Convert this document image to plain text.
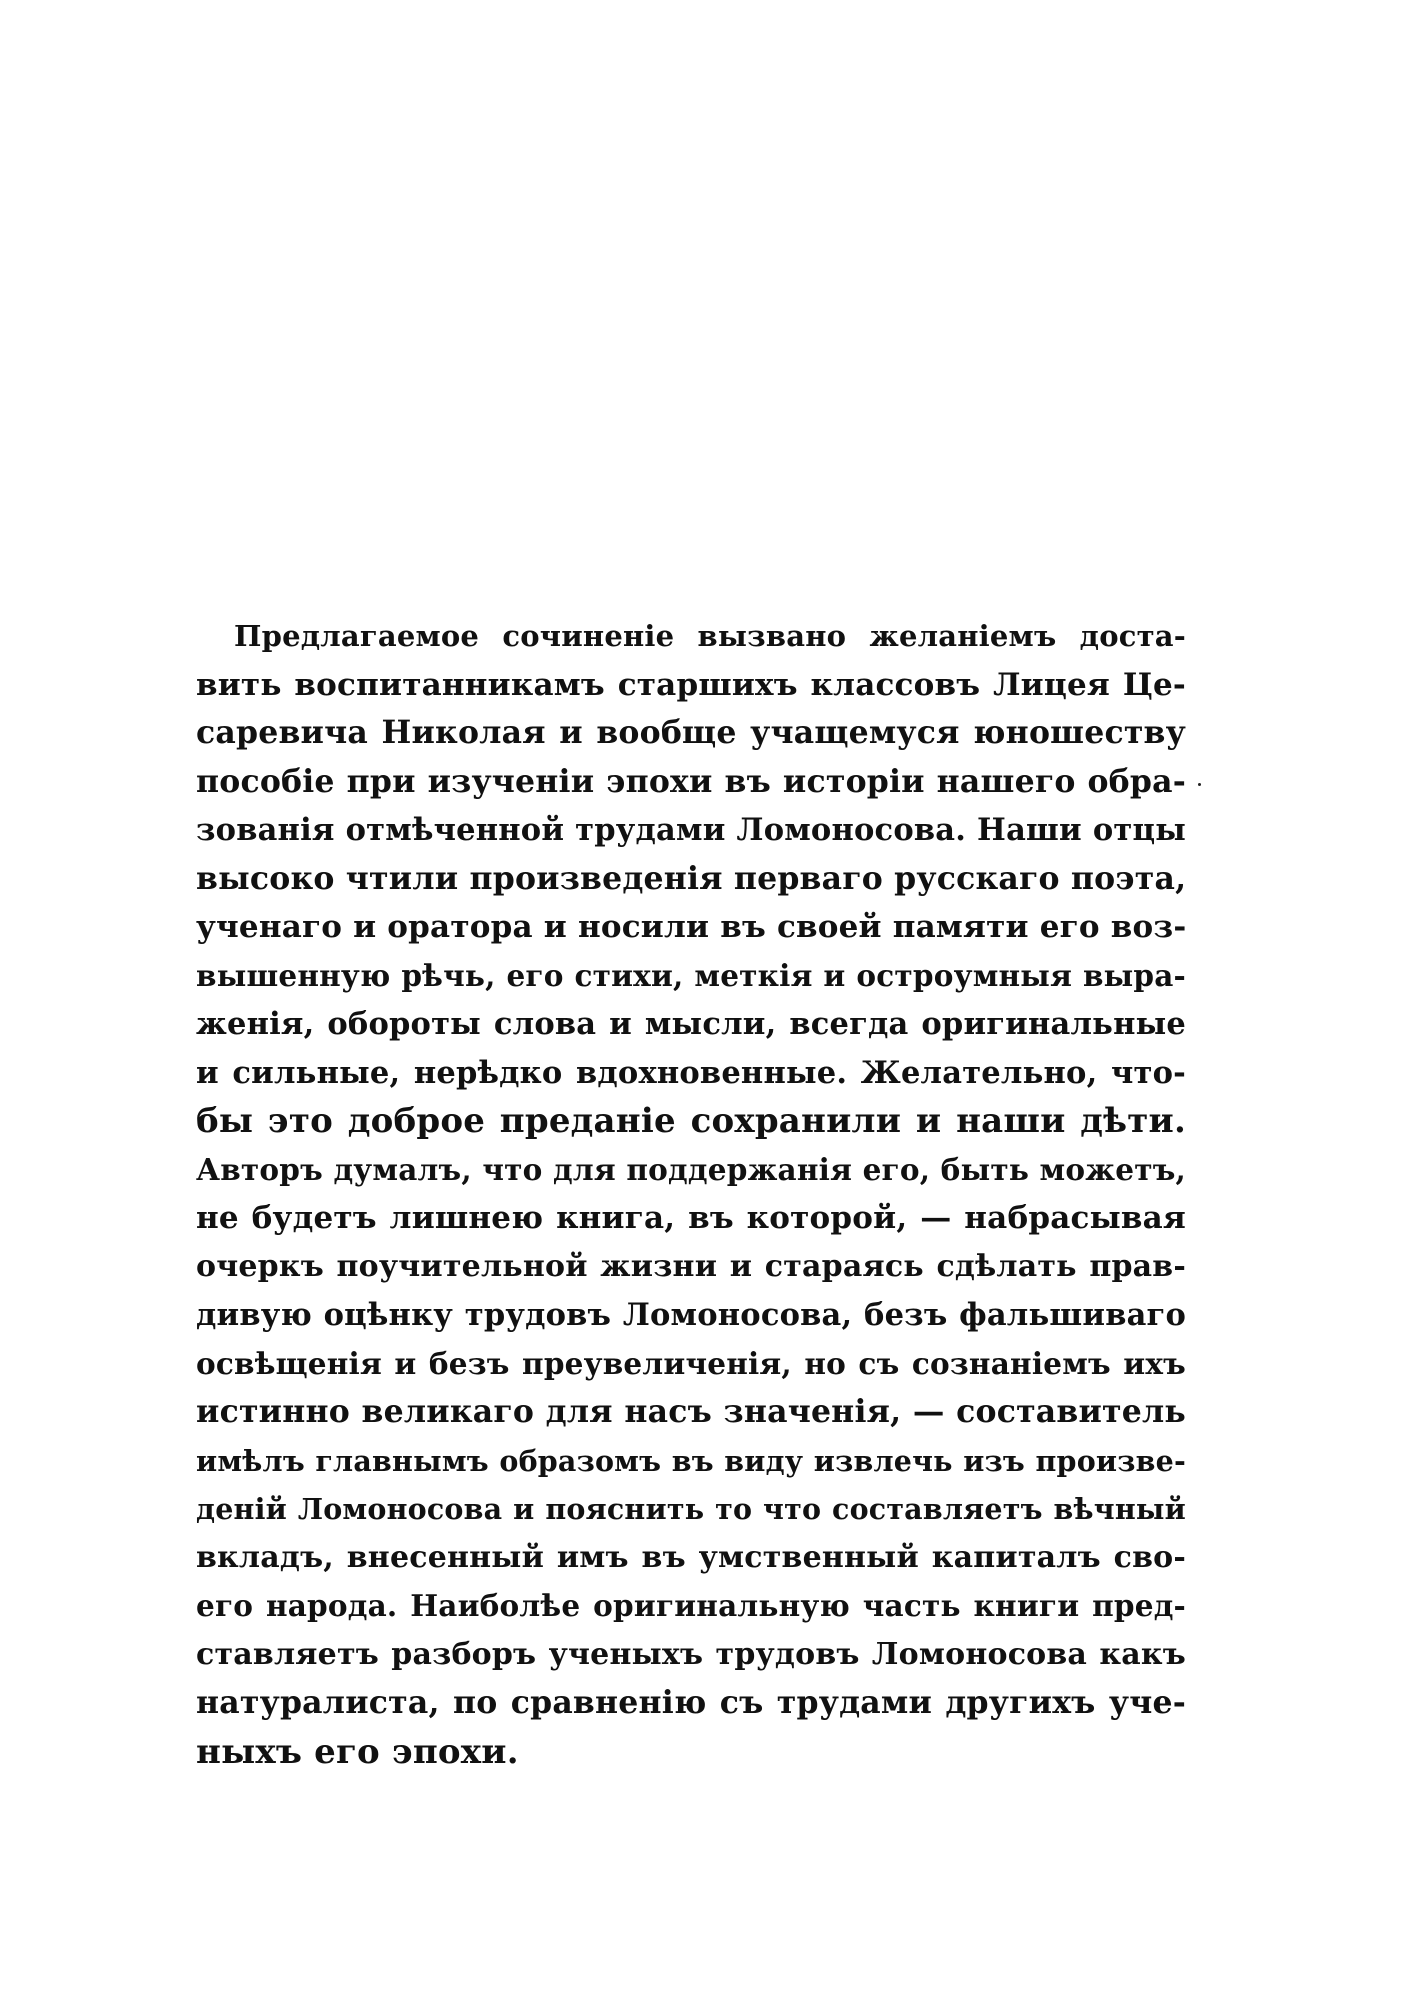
Предлагаемое сочиненіе вызвано желаніемъ доста-
вить воспитанникамъ старшихъ классовъ Лицея Це-
саревича Николая и вообще учащемуся юношеству
пособіе при изученіи эпохи въ исторіи нашего обра-
зованія отмѣченной трудами Ломоносова. Наши отцы
высоко чтили произведенія перваго русскаго поэта,
ученаго и оратора и носили въ своей памяти его воз-
вышенную рѣчь, его стихи, меткія и остроумныя выра-
женія, обороты слова и мысли, всегда оригинальные
и сильные, нерѣдко вдохновенные. Желательно, что-
бы это доброе преданіе сохранили и наши дѣти.
Авторъ думалъ, что для поддержанія его, быть можетъ,
не будетъ лишнею книга, въ которой, — набрасывая
очеркъ поучительной жизни и стараясь сдѣлать прав-
дивую оцѣнку трудовъ Ломоносова, безъ фальшиваго
освѣщенія и безъ преувеличенія, но съ сознаніемъ ихъ
истинно великаго для насъ значенія, — составитель
имѣлъ главнымъ образомъ въ виду извлечь изъ произве-
деній Ломоносова и пояснить то что составляетъ вѣчный
вкладъ, внесенный имъ въ умственный капиталъ сво-
его народа. Наиболѣе оригинальную часть книги пред-
ставляетъ разборъ ученыхъ трудовъ Ломоносова какъ
натуралиста, по сравненію съ трудами другихъ уче-
ныхъ его эпохи.
